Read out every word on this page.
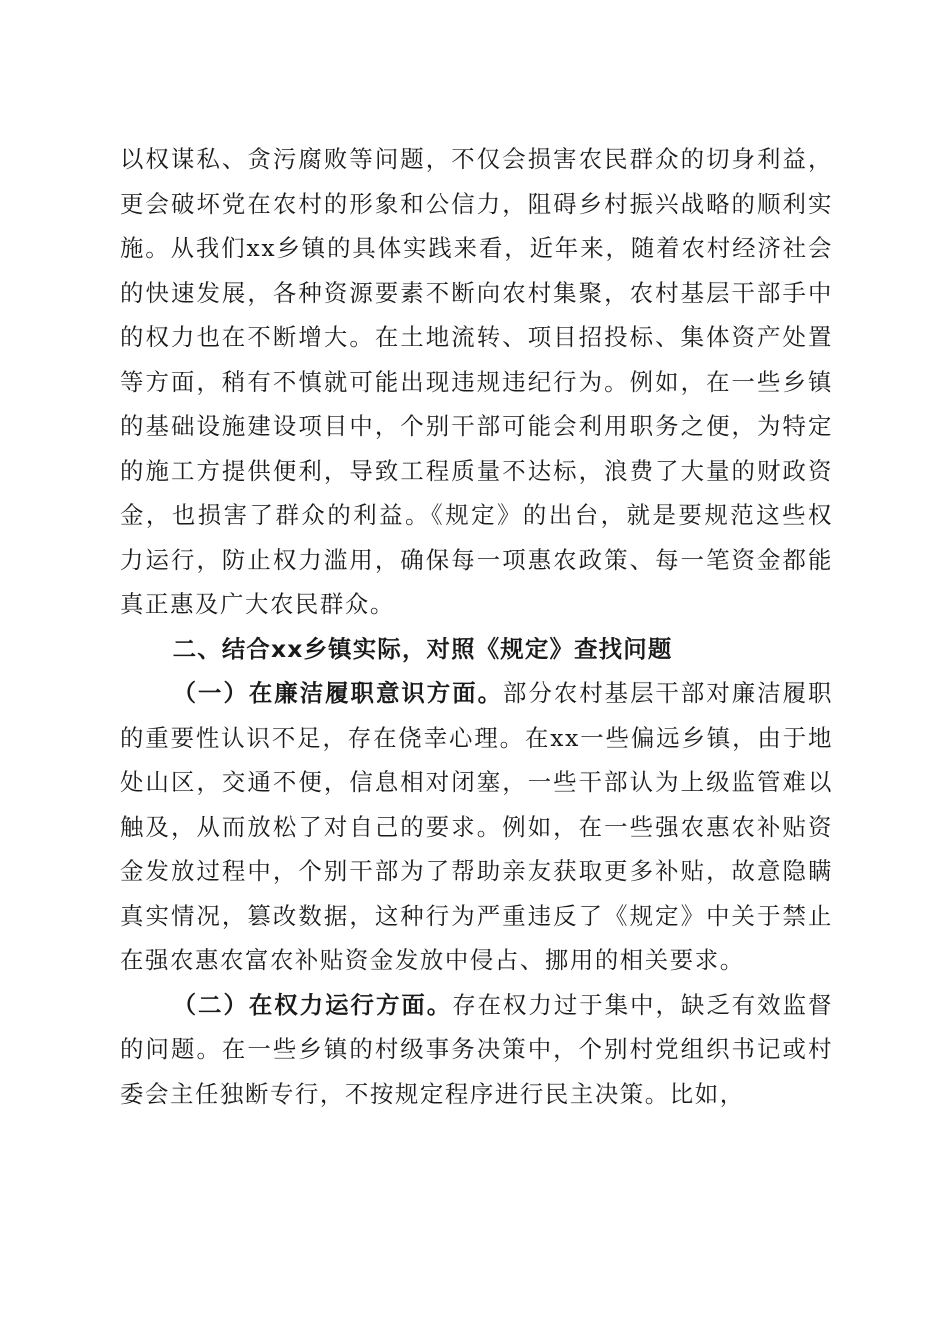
以权谋私、贪污腐败等问题，不仅会损害农民群众的切身利益，更会破坏党在农村的形象和公信力，阻碍乡村振兴战略的顺利实施。从我们xx乡镇的具体实践来看，近年来，随着农村经济社会的快速发展，各种资源要素不断向农村集聚，农村基层干部手中的权力也在不断增大。在土地流转、项目招投标、集体资产处置等方面，稍有不慎就可能出现违规违纪行为。例如，在一些乡镇的基础设施建设项目中，个别干部可能会利用职务之便，为特定的施工方提供便利，导致工程质量不达标，浪费了大量的财政资金，也损害了群众的利益。《规定》的出台，就是要规范这些权力运行，防止权力滥用，确保每一项惠农政策、每一笔资金都能真正惠及广大农民群众。

二、结合xx乡镇实际，对照《规定》查找问题

（一）在廉洁履职意识方面。部分农村基层干部对廉洁履职的重要性认识不足，存在侥幸心理。在xx一些偏远乡镇，由于地处山区，交通不便，信息相对闭塞，一些干部认为上级监管难以触及，从而放松了对自己的要求。例如，在一些强农惠农补贴资金发放过程中，个别干部为了帮助亲友获取更多补贴，故意隐瞒真实情况，篡改数据，这种行为严重违反了《规定》中关于禁止在强农惠农富农补贴资金发放中侵占、挪用的相关要求。

（二）在权力运行方面。存在权力过于集中，缺乏有效监督的问题。在一些乡镇的村级事务决策中，个别村党组织书记或村委会主任独断专行，不按规定程序进行民主决策。比如，
